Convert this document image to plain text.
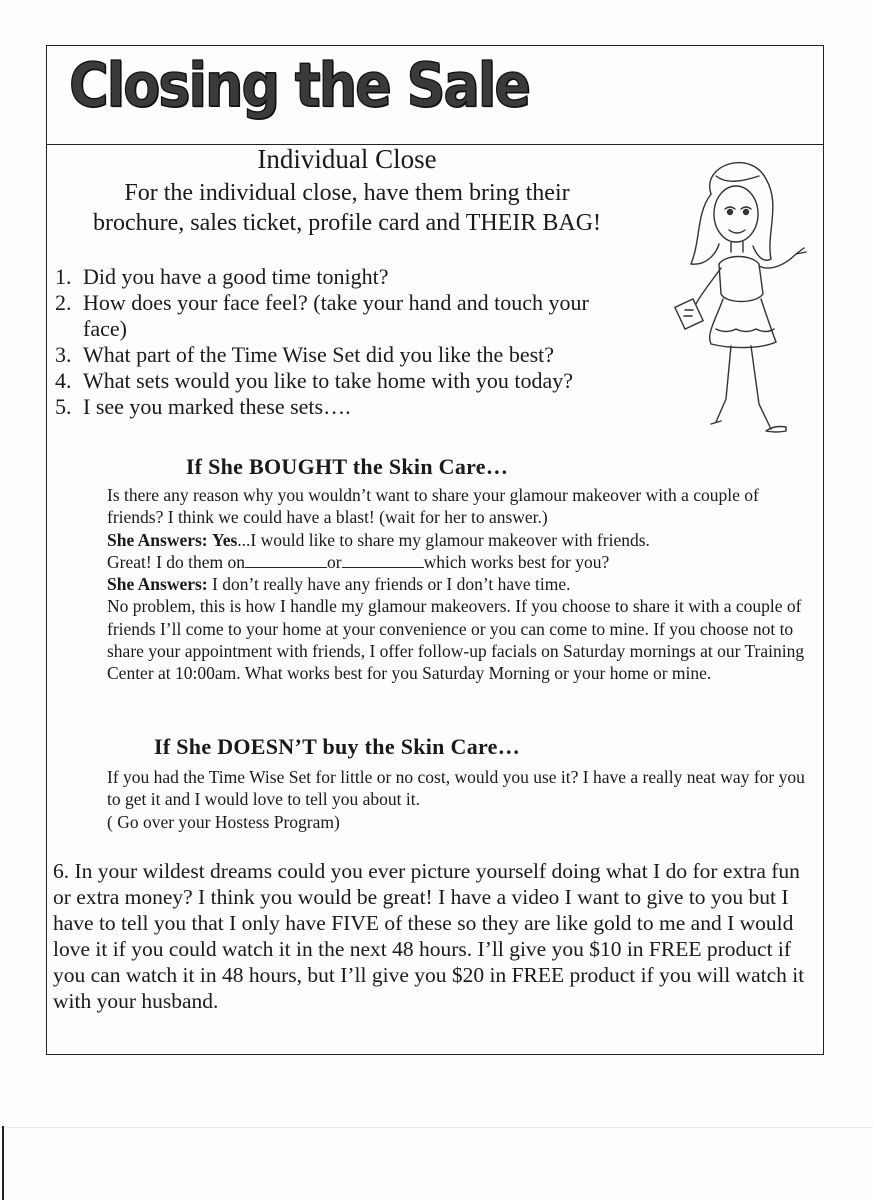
Closing the Sale

Individual Close

For the individual close, have them bring their
brochure, sales ticket, profile card and THEIR BAG!

1. Did you have a good time tonight?
2. How does your face feel? (take your hand and touch your face)
3. What part of the Time Wise Set did you like the best?
4. What sets would you like to take home with you today?
5. I see you marked these sets….

If She BOUGHT the Skin Care…

Is there any reason why you wouldn’t want to share your glamour makeover with a couple of friends? I think we could have a blast! (wait for her to answer.)
She Answers: Yes...I would like to share my glamour makeover with friends.
Great! I do them on	or	which works best for you?
She Answers: I don’t really have any friends or I don’t have time.
No problem, this is how I handle my glamour makeovers. If you choose to share it with a couple of friends I’ll come to your home at your convenience or you can come to mine. If you choose not to share your appointment with friends, I offer follow-up facials on Saturday mornings at our Training Center at 10:00am. What works best for you Saturday Morning or your home or mine.

If She DOESN’T buy the Skin Care…

If you had the Time Wise Set for little or no cost, would you use it? I have a really neat way for you to get it and I would love to tell you about it.
( Go over your Hostess Program)

6. In your wildest dreams could you ever picture yourself doing what I do for extra fun or extra money? I think you would be great! I have a video I want to give to you but I have to tell you that I only have FIVE of these so they are like gold to me and I would love it if you could watch it in the next 48 hours. I’ll give you $10 in FREE product if you can watch it in 48 hours, but I’ll give you $20 in FREE product if you will watch it with your husband.
